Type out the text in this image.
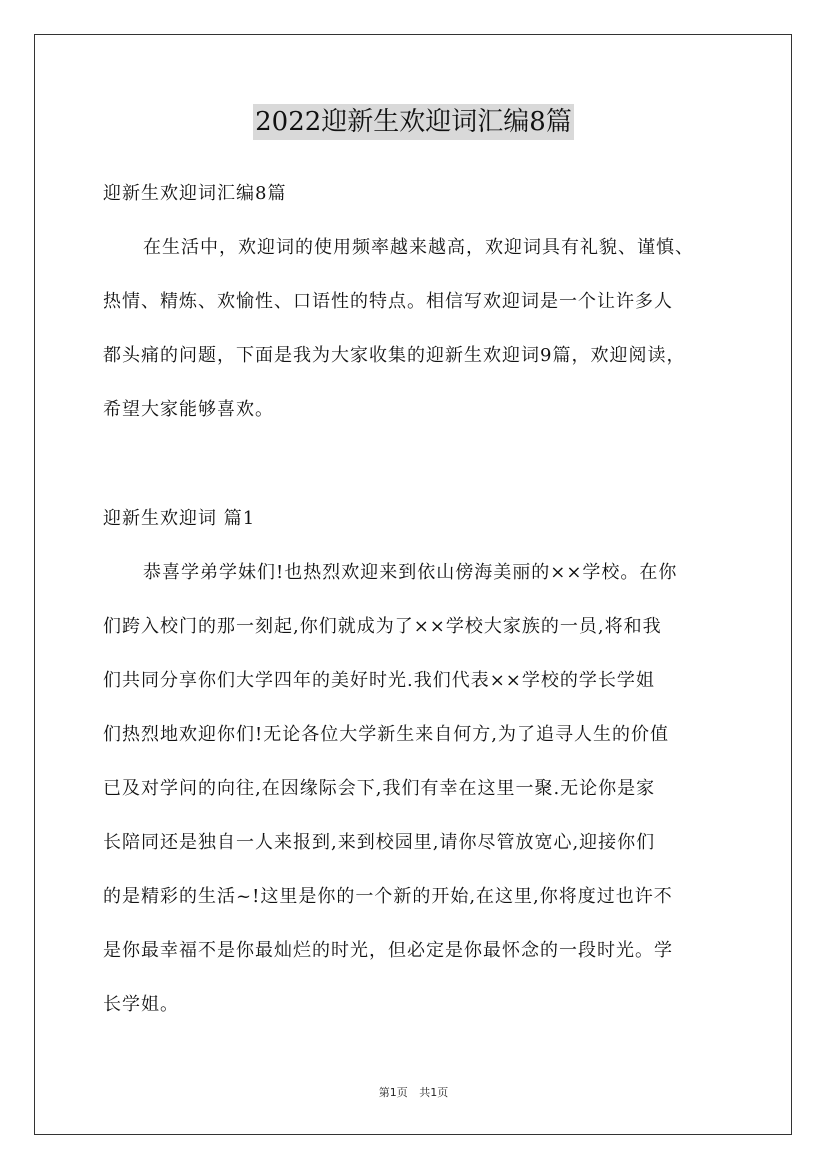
2022迎新生欢迎词汇编8篇
迎新生欢迎词汇编8篇
在生活中，欢迎词的使用频率越来越高，欢迎词具有礼貌、谨慎、
热情、精炼、欢愉性、口语性的特点。相信写欢迎词是一个让许多人
都头痛的问题，下面是我为大家收集的迎新生欢迎词9篇，欢迎阅读，
希望大家能够喜欢。
迎新生欢迎词 篇1
恭喜学弟学妹们!也热烈欢迎来到依山傍海美丽的××学校。在你
们跨入校门的那一刻起,你们就成为了××学校大家族的一员,将和我
们共同分享你们大学四年的美好时光.我们代表××学校的学长学姐
们热烈地欢迎你们!无论各位大学新生来自何方,为了追寻人生的价值
已及对学问的向往,在因缘际会下,我们有幸在这里一聚.无论你是家
长陪同还是独自一人来报到,来到校园里,请你尽管放宽心,迎接你们
的是精彩的生活~!这里是你的一个新的开始,在这里,你将度过也许不
是你最幸福不是你最灿烂的时光，但必定是你最怀念的一段时光。学
长学姐。
第1页 共1页
